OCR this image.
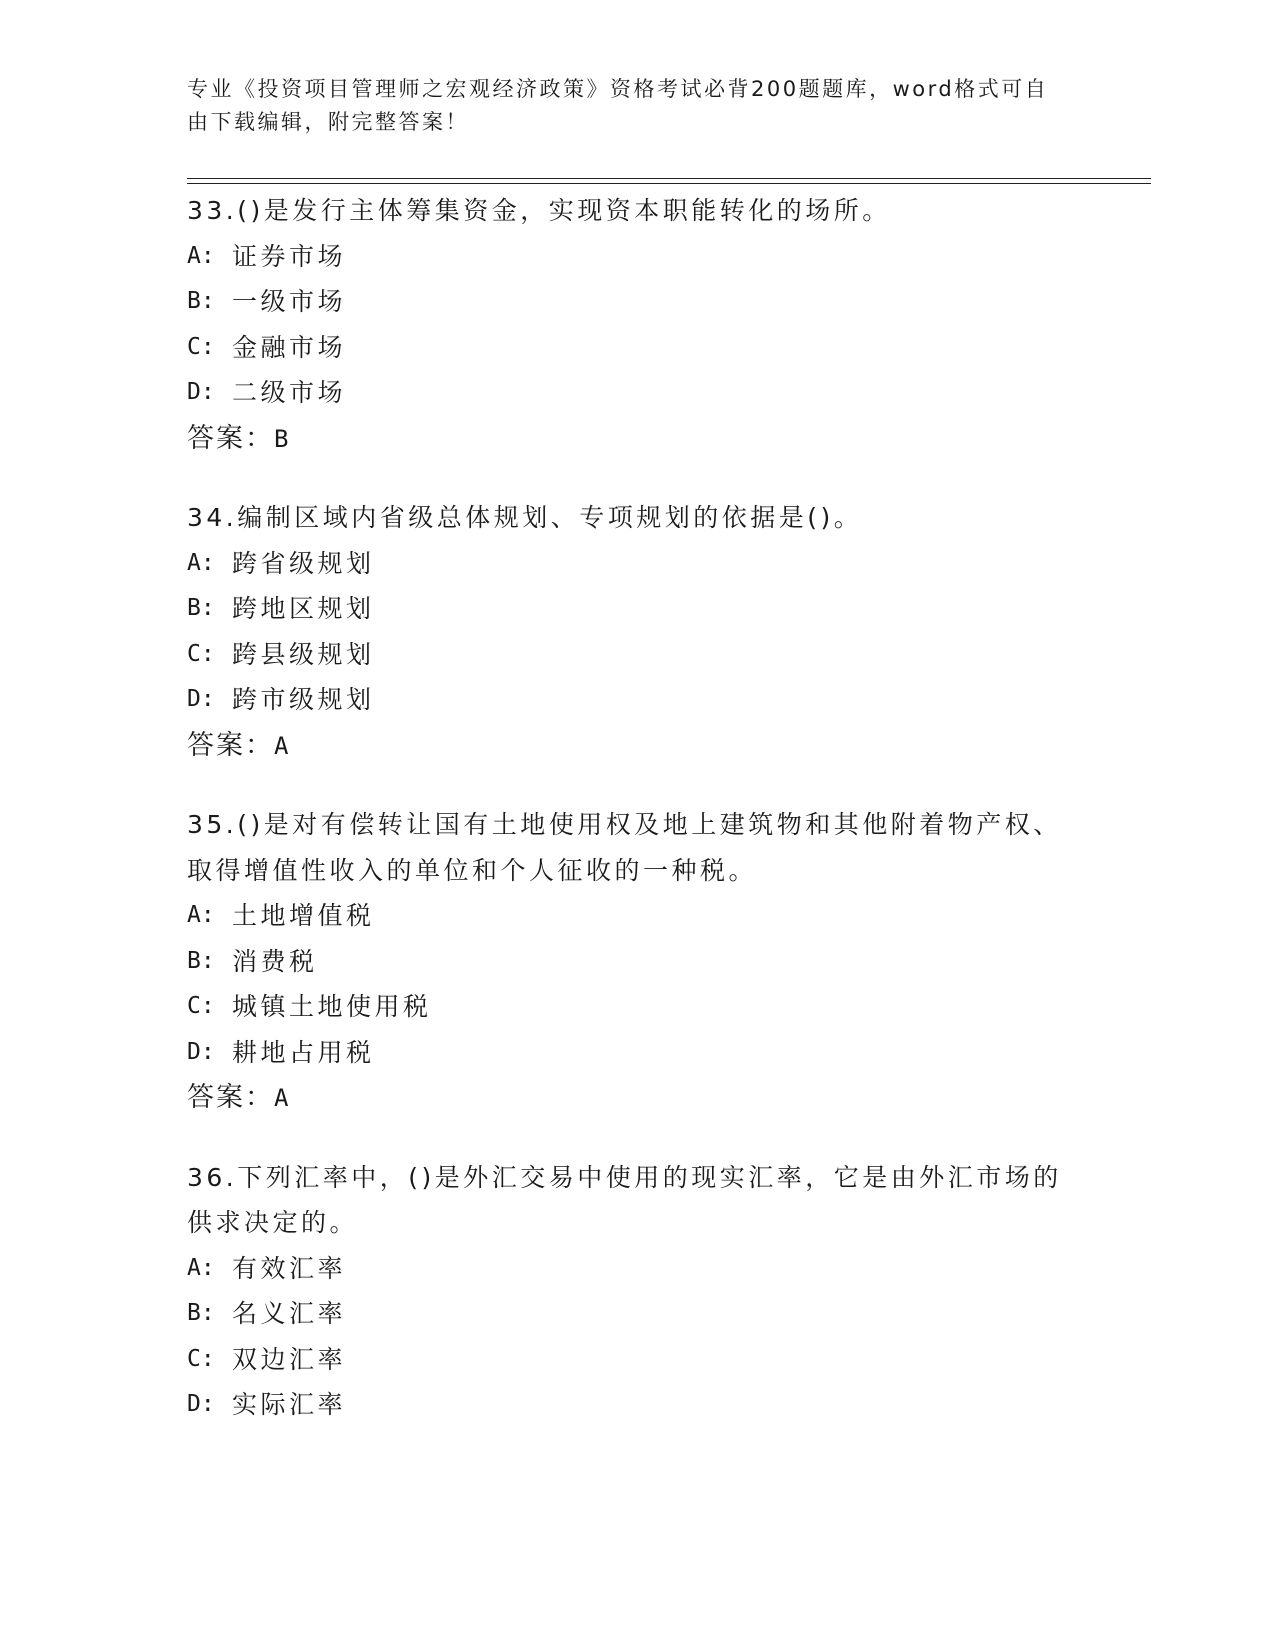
专业《投资项目管理师之宏观经济政策》资格考试必背200题题库，word格式可自由下载编辑，附完整答案！

33.()是发行主体筹集资金，实现资本职能转化的场所。

A: 证券市场
B: 一级市场
C: 金融市场
D: 二级市场

答案：B

34.编制区域内省级总体规划、专项规划的依据是()。

A: 跨省级规划
B: 跨地区规划
C: 跨县级规划
D: 跨市级规划

答案：A

35.()是对有偿转让国有土地使用权及地上建筑物和其他附着物产权、取得增值性收入的单位和个人征收的一种税。

A: 土地增值税
B: 消费税
C: 城镇土地使用税
D: 耕地占用税

答案：A

36.下列汇率中，()是外汇交易中使用的现实汇率，它是由外汇市场的供求决定的。

A: 有效汇率
B: 名义汇率
C: 双边汇率
D: 实际汇率
